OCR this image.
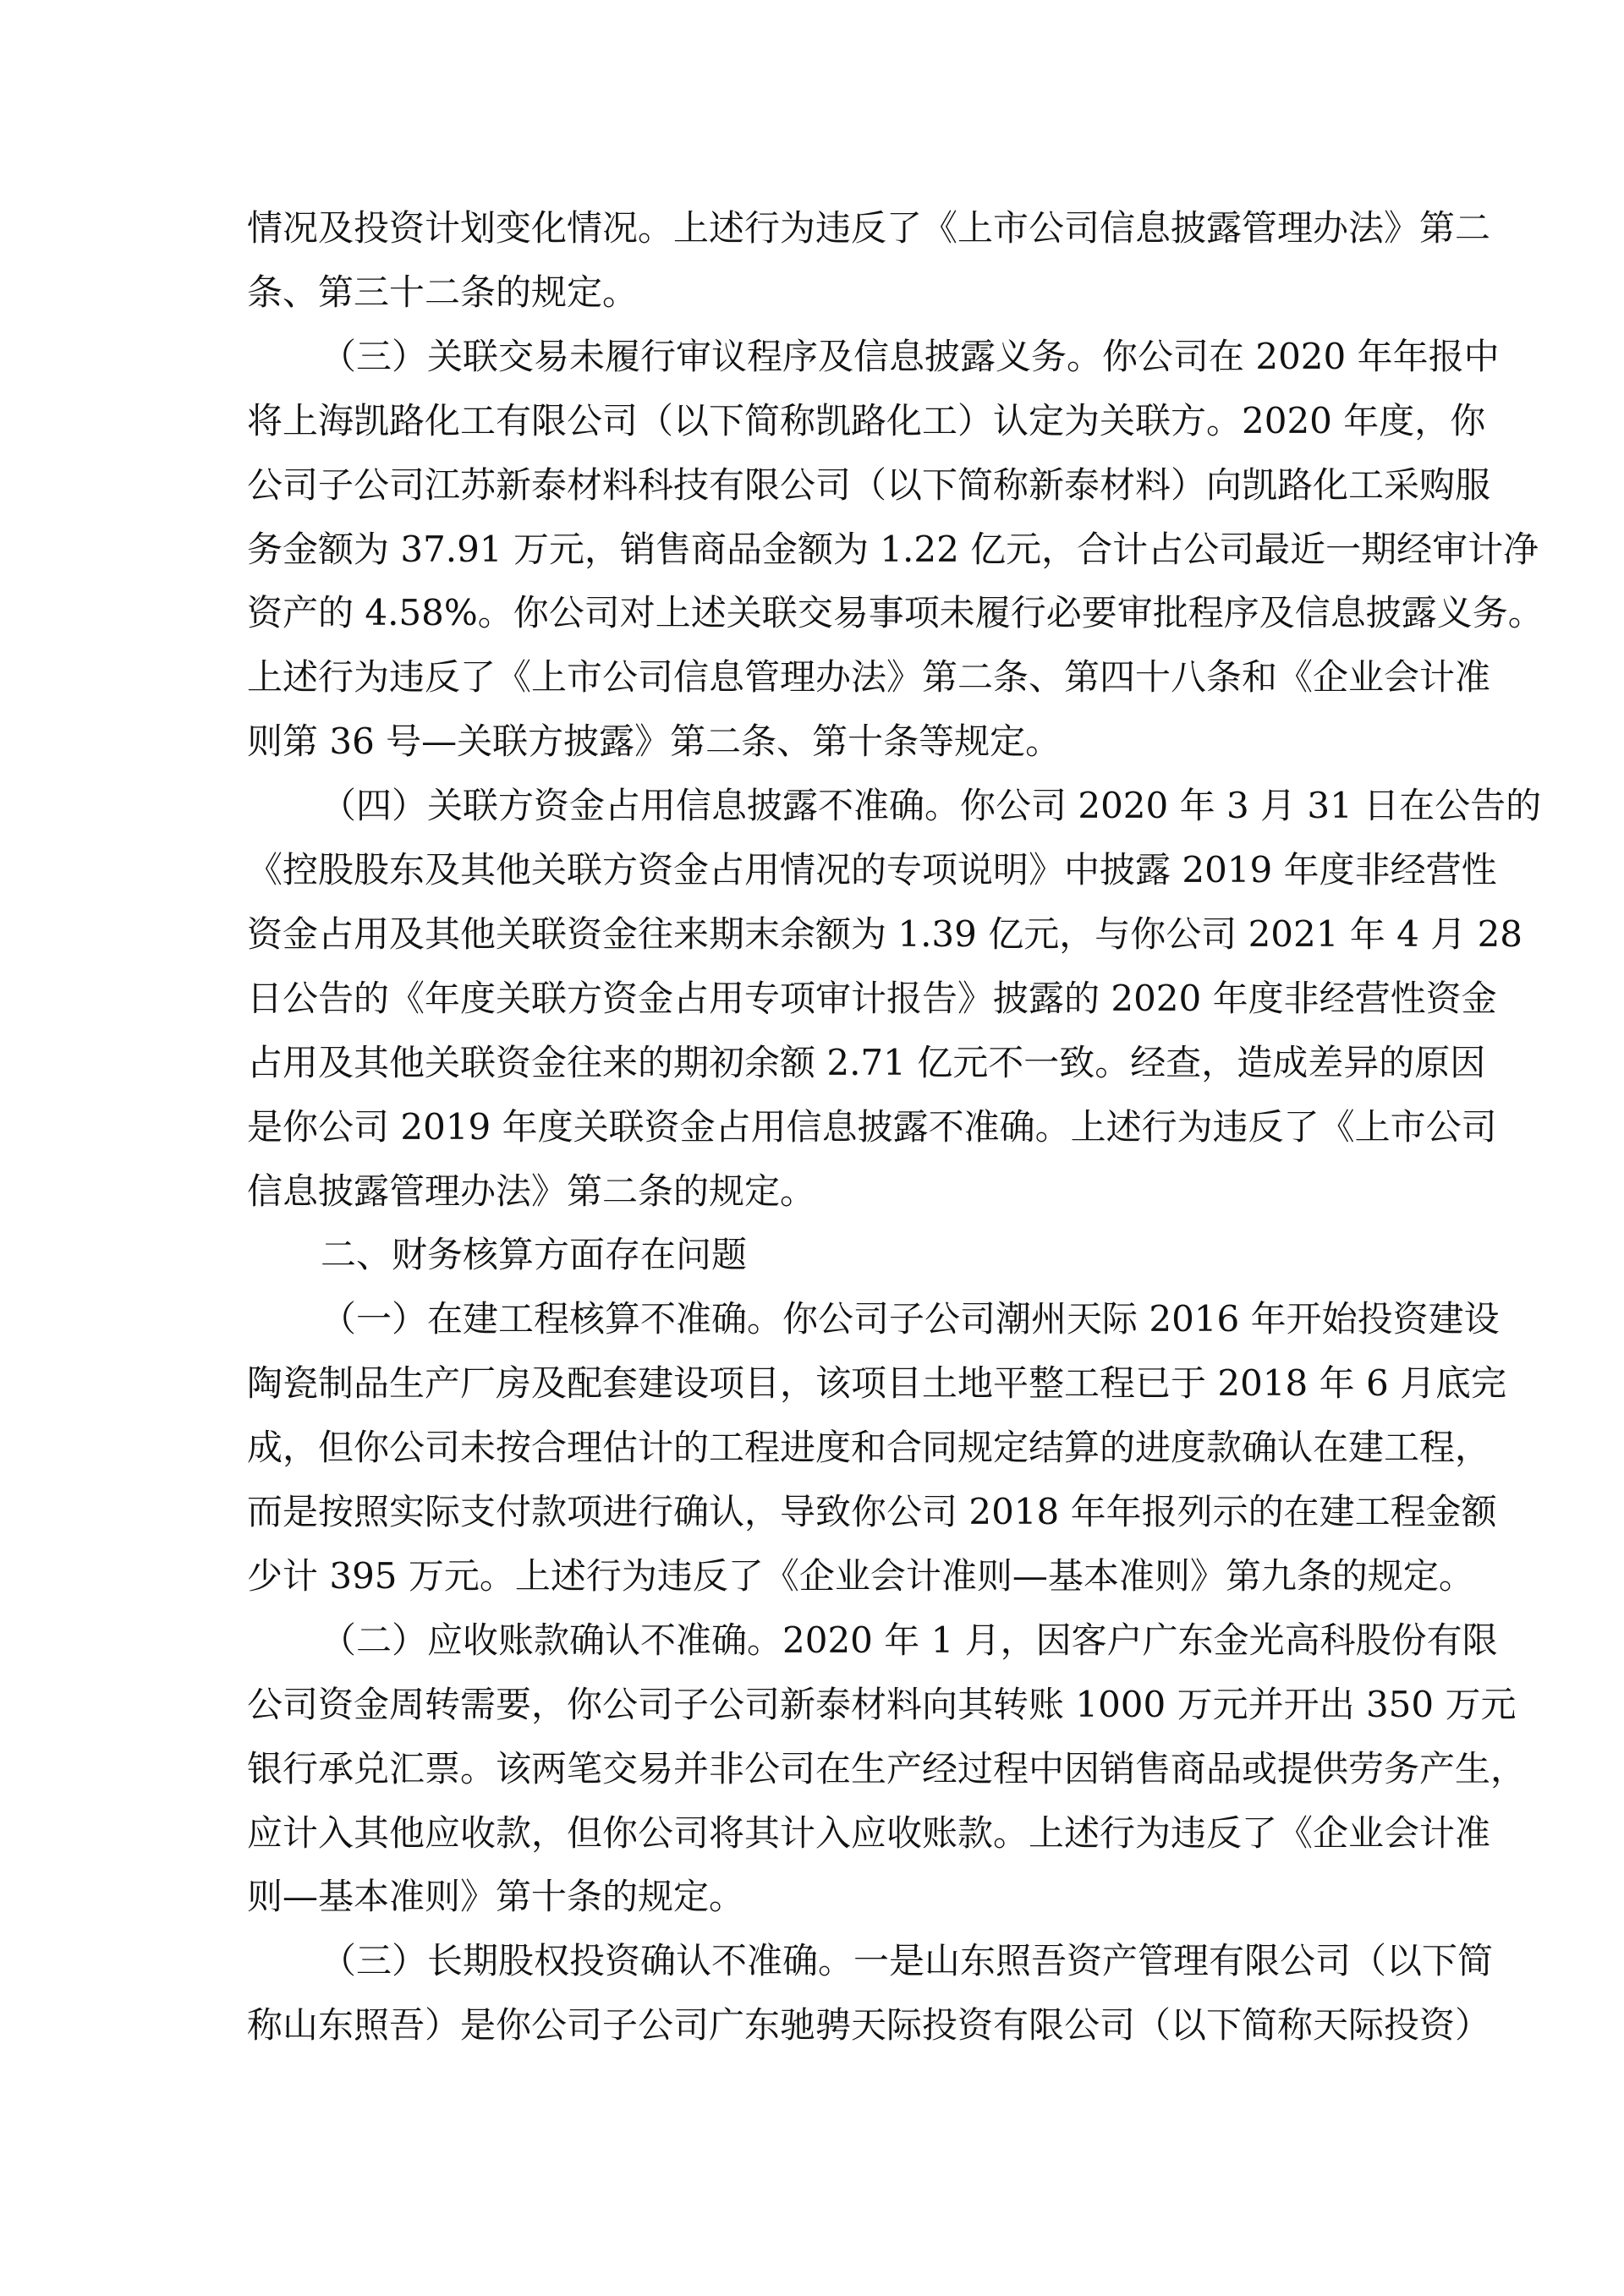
情况及投资计划变化情况。上述行为违反了《上市公司信息披露管理办法》第二
条、第三十二条的规定。
（三）关联交易未履行审议程序及信息披露义务。你公司在 2020 年年报中
将上海凯路化工有限公司（以下简称凯路化工）认定为关联方。2020 年度，你
公司子公司江苏新泰材料科技有限公司（以下简称新泰材料）向凯路化工采购服
务金额为 37.91 万元，销售商品金额为 1.22 亿元，合计占公司最近一期经审计净
资产的 4.58%。你公司对上述关联交易事项未履行必要审批程序及信息披露义务。
上述行为违反了《上市公司信息管理办法》第二条、第四十八条和《企业会计准
则第 36 号—关联方披露》第二条、第十条等规定。
（四）关联方资金占用信息披露不准确。你公司 2020 年 3 月 31 日在公告的
《控股股东及其他关联方资金占用情况的专项说明》中披露 2019 年度非经营性
资金占用及其他关联资金往来期末余额为 1.39 亿元，与你公司 2021 年 4 月 28
日公告的《年度关联方资金占用专项审计报告》披露的 2020 年度非经营性资金
占用及其他关联资金往来的期初余额 2.71 亿元不一致。经查，造成差异的原因
是你公司 2019 年度关联资金占用信息披露不准确。上述行为违反了《上市公司
信息披露管理办法》第二条的规定。
二、财务核算方面存在问题
（一）在建工程核算不准确。你公司子公司潮州天际 2016 年开始投资建设
陶瓷制品生产厂房及配套建设项目，该项目土地平整工程已于 2018 年 6 月底完
成，但你公司未按合理估计的工程进度和合同规定结算的进度款确认在建工程，
而是按照实际支付款项进行确认，导致你公司 2018 年年报列示的在建工程金额
少计 395 万元。上述行为违反了《企业会计准则—基本准则》第九条的规定。
（二）应收账款确认不准确。2020 年 1 月，因客户广东金光高科股份有限
公司资金周转需要，你公司子公司新泰材料向其转账 1000 万元并开出 350 万元
银行承兑汇票。该两笔交易并非公司在生产经过程中因销售商品或提供劳务产生，
应计入其他应收款，但你公司将其计入应收账款。上述行为违反了《企业会计准
则—基本准则》第十条的规定。
（三）长期股权投资确认不准确。一是山东照吾资产管理有限公司（以下简
称山东照吾）是你公司子公司广东驰骋天际投资有限公司（以下简称天际投资）
